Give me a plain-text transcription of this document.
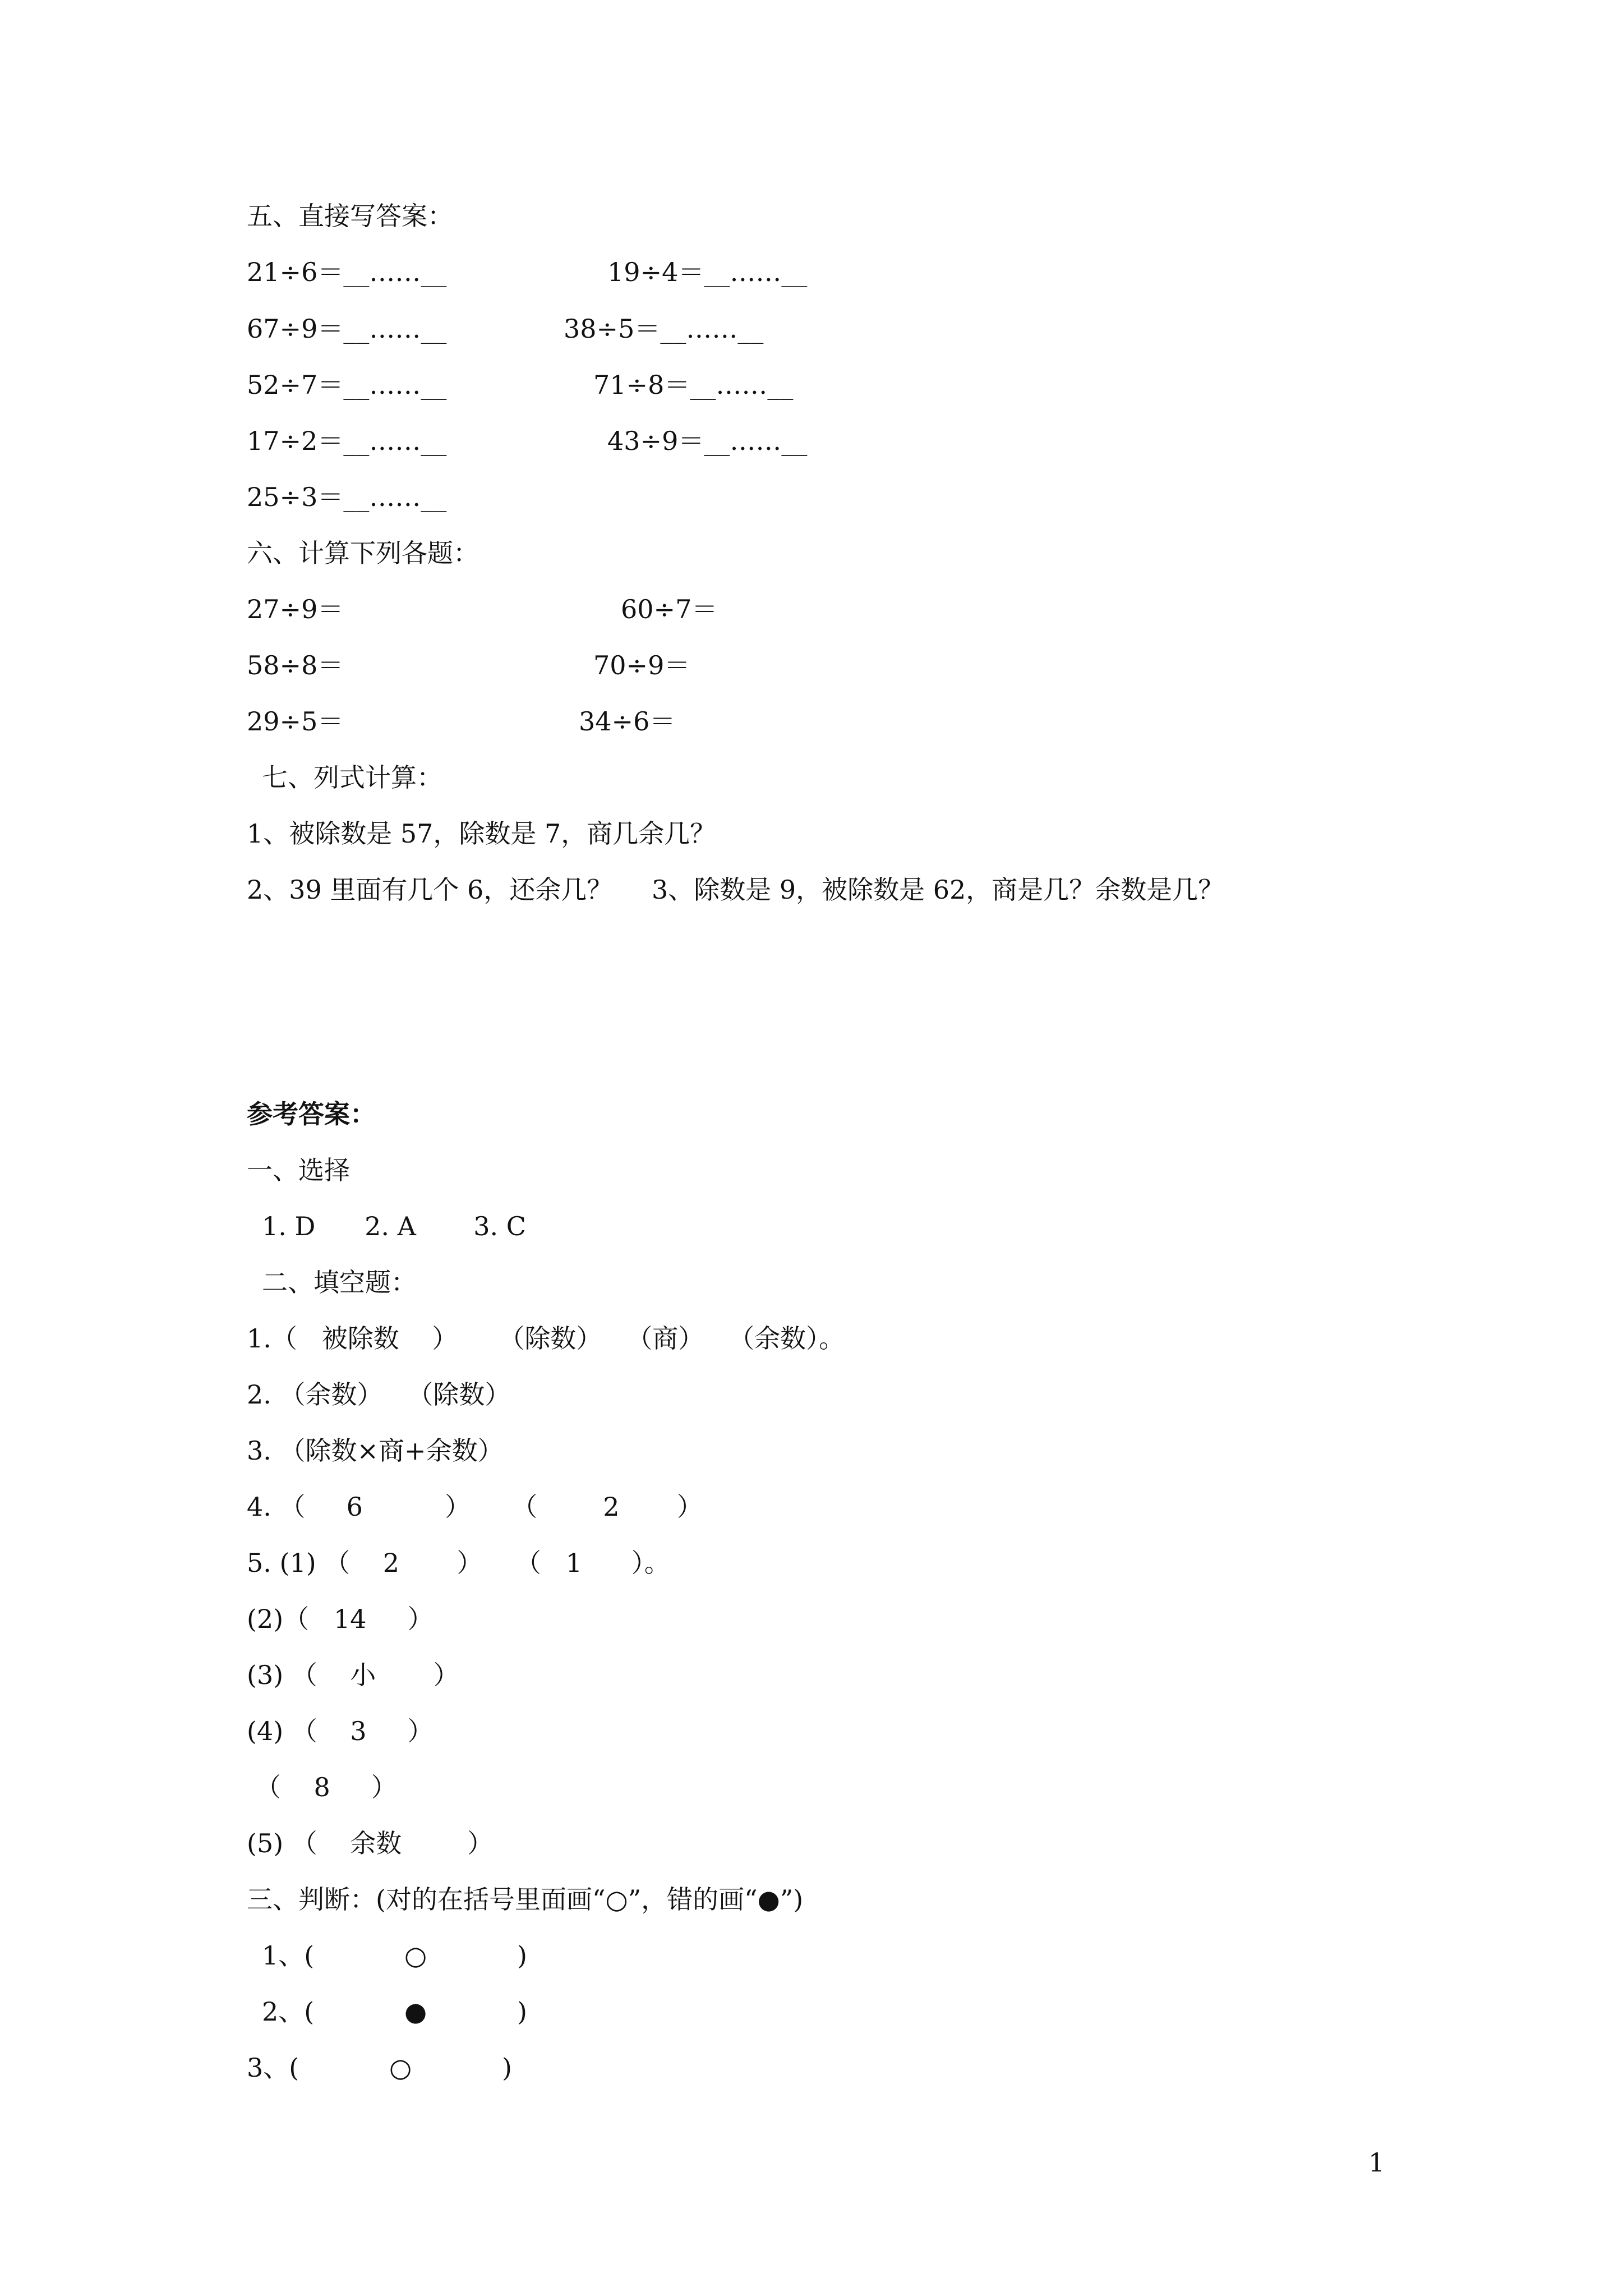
五、直接写答案：
21÷6＝__……__	19÷4＝__……__
67÷9＝__……__	38÷5＝__……__
52÷7＝__……__	71÷8＝__……__
17÷2＝__……__	43÷9＝__……__
25÷3＝__……__
六、计算下列各题：
27÷9＝	60÷7＝
58÷8＝	70÷9＝
29÷5＝	34÷6＝
七、列式计算：
1、被除数是 57，除数是 7，商几余几？
2、39 里面有几个 6，还余几？ 3、除数是 9，被除数是 62，商是几？余数是几？
参考答案：
一、选择
1. D      2. A       3. C
二、填空题：
1.（   被除数    ）     （除数）   （商）   （余数）。
2. （余数）   （除数）
3. （除数×商+余数）
4. （     6          ）     （        2       ）
5. (1) （    2       ）    （   1      ）。
(2)（   14     ）
(3) （    小       ）
(4) （    3     ）
（    8     ）
(5) （    余数        ）
三、判断：(对的在括号里面画“○”，错的画“●”)
1、(           ○           )
2、(           ●           )
3、(           ○           )
1
